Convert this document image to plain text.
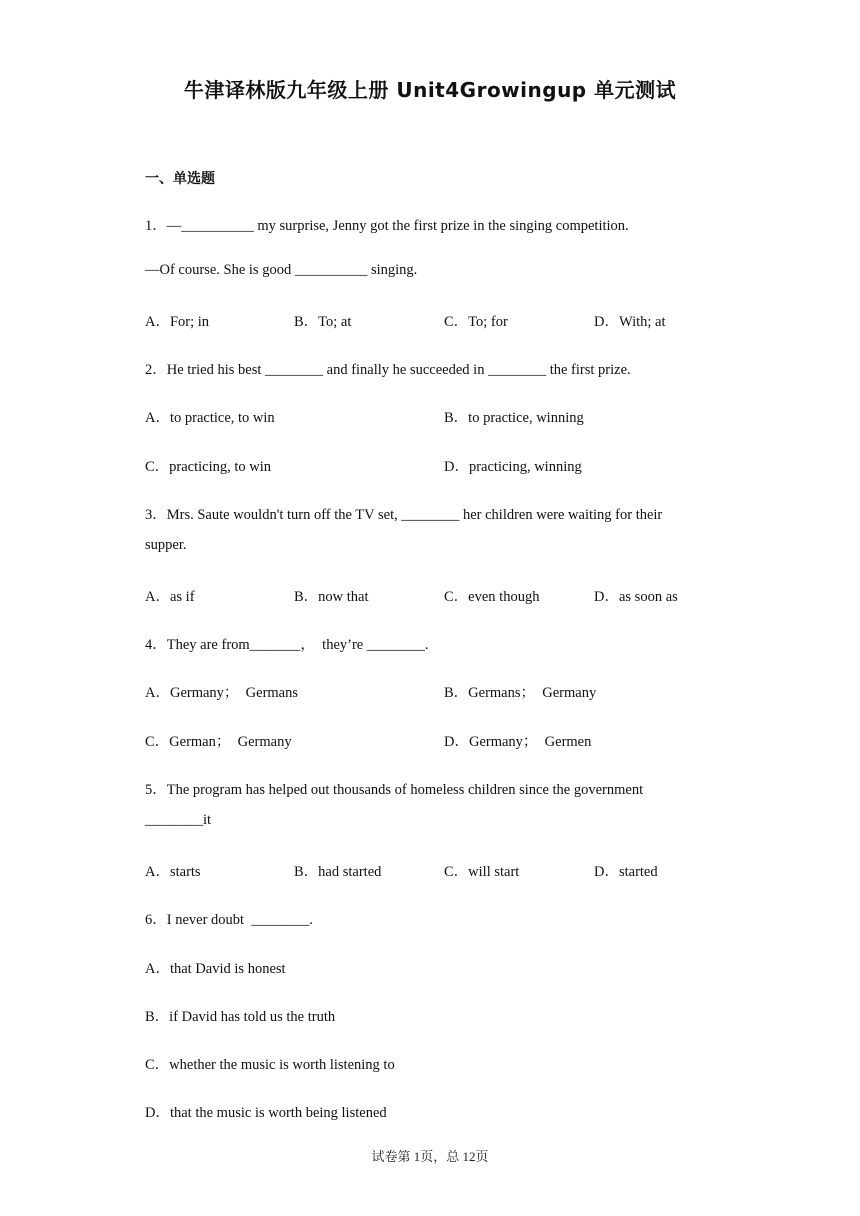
牛津译林版九年级上册 Unit4Growingup 单元测试
一、单选题
1．—__________ my surprise, Jenny got the first prize in the singing competition.
—Of course. She is good __________ singing.
A．For; in	B．To; at	C．To; for	D．With; at
2．He tried his best ________ and finally he succeeded in ________ the first prize.
A．to practice, to win	B．to practice, winning
C．practicing, to win	D．practicing, winning
3．Mrs. Saute wouldn't turn off the TV set, ________ her children were waiting for their
supper.
A．as if	B．now that	C．even though	D．as soon as
4．They are from_______，  they’re ________.
A．Germany；  Germans	B．Germans；  Germany
C．German；  Germany	D．Germany；  Germen
5．The program has helped out thousands of homeless children since the government
________it
A．starts	B．had started	C．will start	D．started
6．I never doubt  ________.
A．that David is honest
B．if David has told us the truth
C．whether the music is worth listening to
D．that the music is worth being listened
试卷第 1页，总 12页
